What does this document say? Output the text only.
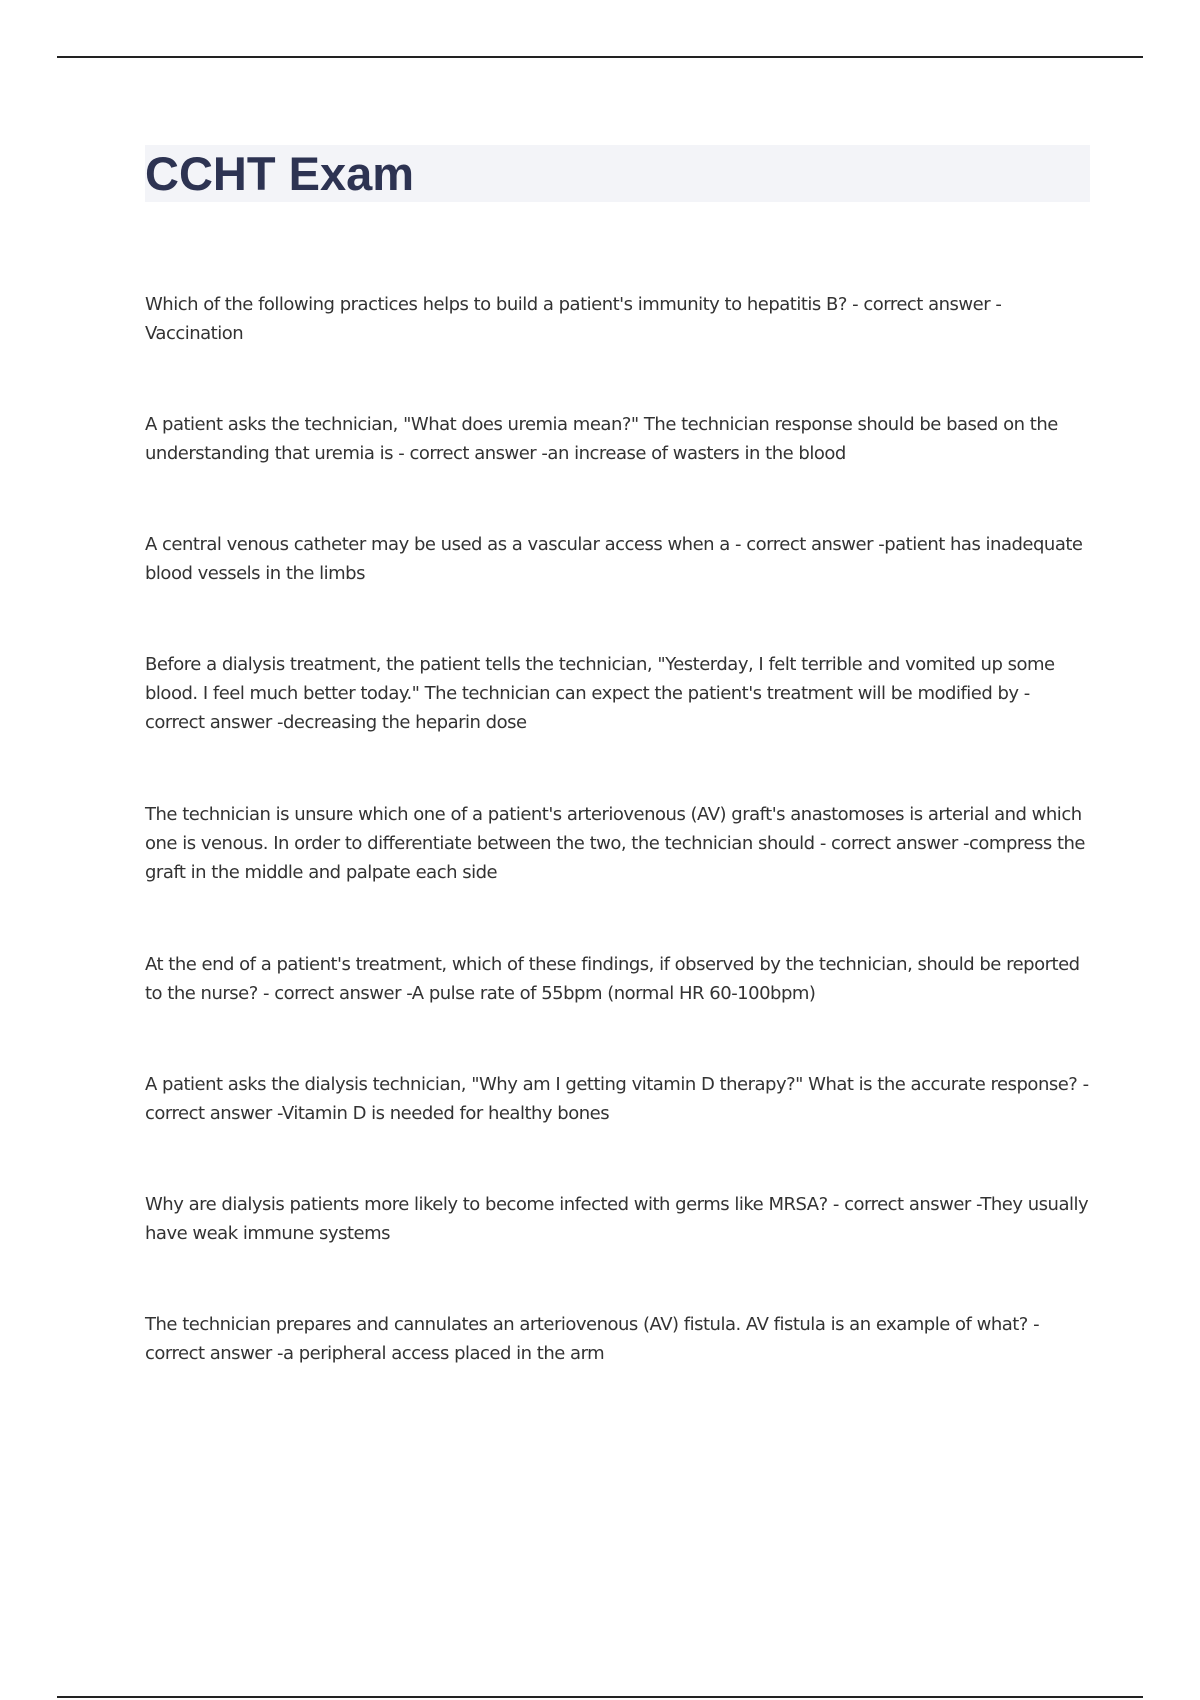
CCHT Exam

Which of the following practices helps to build a patient's immunity to hepatitis B? - correct answer -Vaccination

A patient asks the technician, "What does uremia mean?" The technician response should be based on the understanding that uremia is - correct answer -an increase of wasters in the blood

A central venous catheter may be used as a vascular access when a - correct answer -patient has inadequate blood vessels in the limbs

Before a dialysis treatment, the patient tells the technician, "Yesterday, I felt terrible and vomited up some blood. I feel much better today." The technician can expect the patient's treatment will be modified by - correct answer -decreasing the heparin dose

The technician is unsure which one of a patient's arteriovenous (AV) graft's anastomoses is arterial and which one is venous. In order to differentiate between the two, the technician should - correct answer -compress the graft in the middle and palpate each side

At the end of a patient's treatment, which of these findings, if observed by the technician, should be reported to the nurse? - correct answer -A pulse rate of 55bpm (normal HR 60-100bpm)

A patient asks the dialysis technician, "Why am I getting vitamin D therapy?" What is the accurate response? - correct answer -Vitamin D is needed for healthy bones

Why are dialysis patients more likely to become infected with germs like MRSA? - correct answer -They usually have weak immune systems

The technician prepares and cannulates an arteriovenous (AV) fistula. AV fistula is an example of what? - correct answer -a peripheral access placed in the arm
